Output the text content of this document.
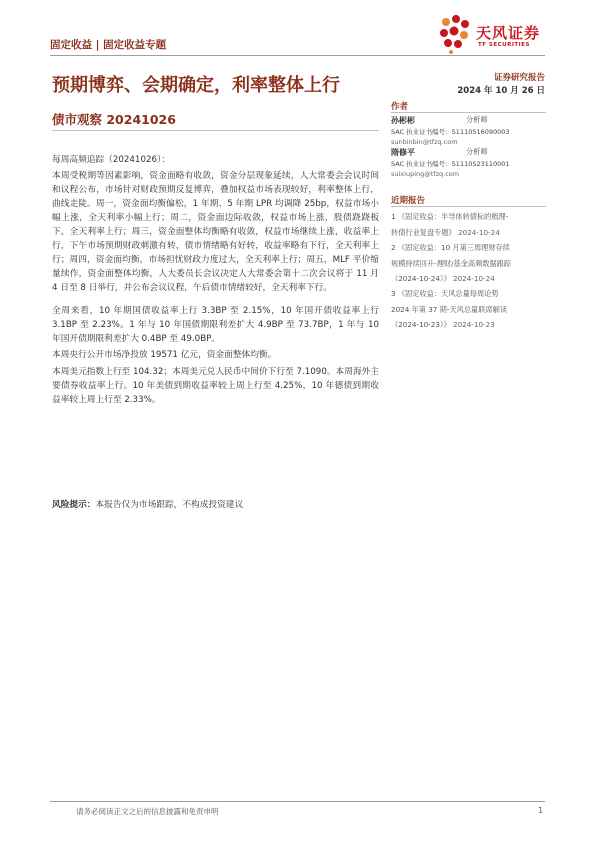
固定收益 | 固定收益专题
天风证券
TF SECURITIES
预期博弈、会期确定，利率整体上行
债市观察 20241026
证券研究报告
2024 年 10 月 26 日
作者
孙彬彬	分析师
SAC 执业证书编号：S1110516090003
sunbinbin@tfzq.com
隋修平	分析师
SAC 执业证书编号：S1110523110001
suixiuping@tfzq.com
近期报告
1 《固定收益：半导体转债标的梳理-
转债行业复盘专题》 2024-10-24
2 《固定收益：10 月第三周理财存续
规模持续回升-理财/基金高频数据跟踪
（2024-10-24）》 2024-10-24
3 《固定收益：天风总量每周论势
2024 年第 37 期-天风总量联席解读
（2024-10-23）》 2024-10-23

每周高频追踪（20241026）：

本周受税期等因素影响，资金面略有收敛，资金分层现象延续，人大常委会会议时间和议程公布，市场针对财政预期反复博弈，叠加权益市场表现较好，利率整体上行，曲线走陡。周一，资金面均衡偏松，1 年期、5 年期 LPR 均调降 25bp，权益市场小幅上涨，全天利率小幅上行；周二，资金面边际收敛，权益市场上涨，股债跷跷板下，全天利率上行；周三，资金面整体均衡略有收敛，权益市场继续上涨，收益率上行，下午市场预期财政刺激有转，债市情绪略有好转，收益率略有下行，全天利率上行；周四，资金面均衡，市场担忧财政力度过大，全天利率上行；周五，MLF 平价缩量续作，资金面整体均衡，人大委员长会议决定人大常委会第十二次会议将于 11 月 4 日至 8 日举行，并公布会议议程，午后债市情绪较好，全天利率下行。

全周来看，10 年期国债收益率上行 3.3BP 至 2.15%，10 年国开债收益率上行 3.1BP 至 2.23%。1 年与 10 年国债期限利差扩大 4.9BP 至 73.7BP，1 年与 10 年国开债期限利差扩大 0.4BP 至 49.0BP。

本周央行公开市场净投放 19571 亿元，资金面整体均衡。

本周美元指数上行至 104.32；本周美元兑人民币中间价下行至 7.1090。本周海外主要债券收益率上行。10 年美债到期收益率较上周上行至 4.25%，10 年德债到期收益率较上周上行至 2.33%。

风险提示：本报告仅为市场跟踪，不构成投资建议
请务必阅读正文之后的信息披露和免责申明	1
